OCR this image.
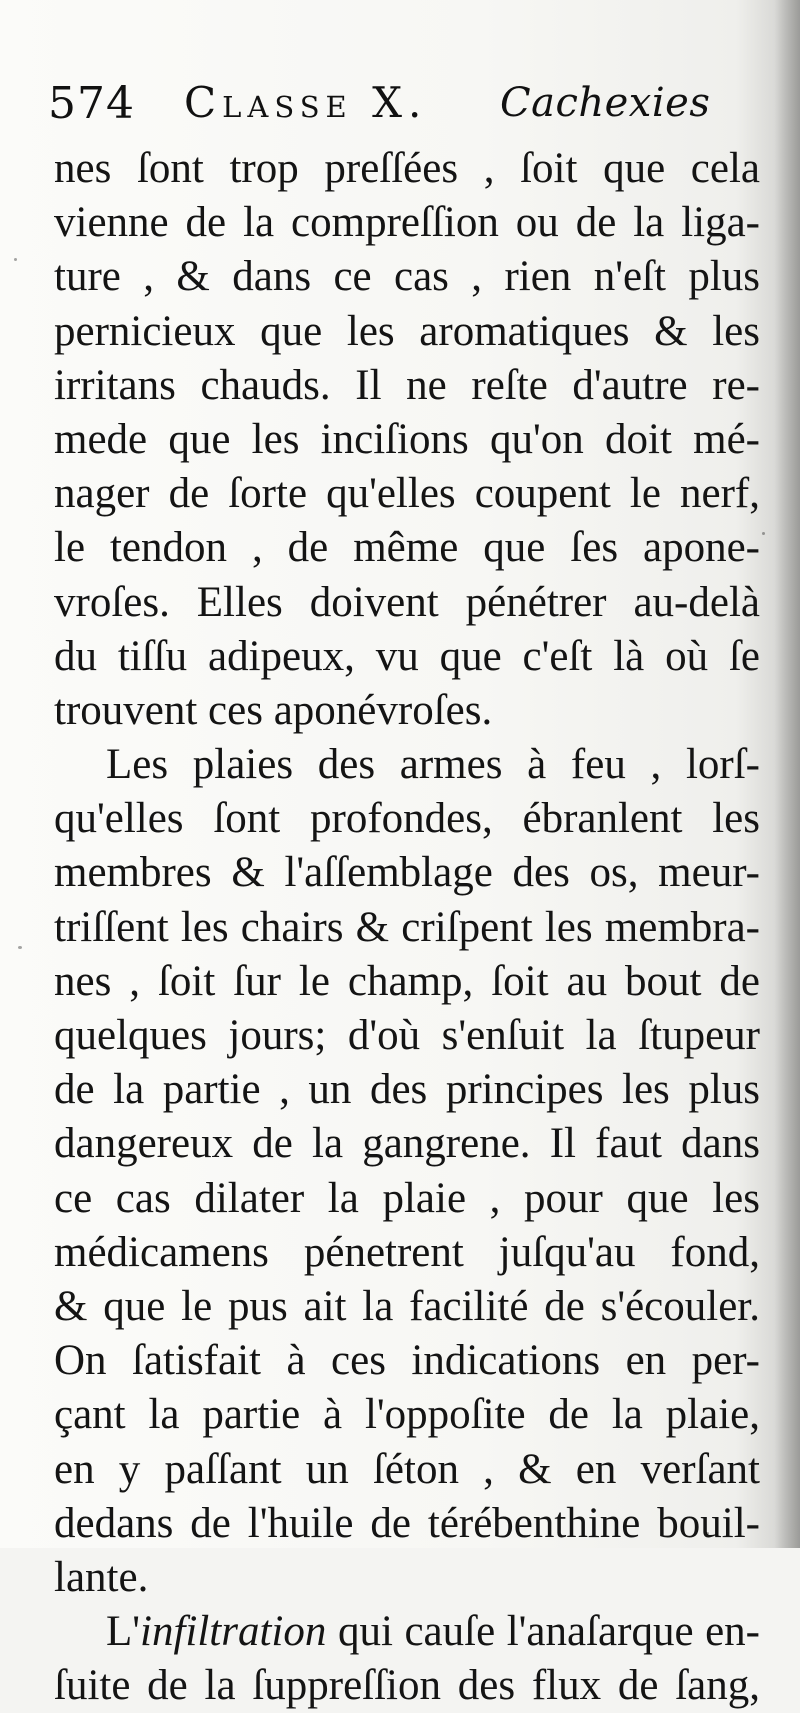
574 Classe X. Cachexies
nes ſont trop preſſées , ſoit que cela
vienne de la compreſſion ou de la liga-
ture , & dans ce cas , rien n'eſt plus
pernicieux que les aromatiques & les
irritans chauds. Il ne reſte d'autre re-
mede que les inciſions qu'on doit mé-
nager de ſorte qu'elles coupent le nerf,
le tendon , de même que ſes apone-
vroſes. Elles doivent pénétrer au-delà
du tiſſu adipeux, vu que c'eſt là où ſe
trouvent ces aponévroſes.
Les plaies des armes à feu , lorſ-
qu'elles ſont profondes, ébranlent les
membres & l'aſſemblage des os, meur-
triſſent les chairs & criſpent les membra-
nes , ſoit ſur le champ, ſoit au bout de
quelques jours; d'où s'enſuit la ſtupeur
de la partie , un des principes les plus
dangereux de la gangrene. Il faut dans
ce cas dilater la plaie , pour que les
médicamens pénetrent juſqu'au fond,
& que le pus ait la facilité de s'écouler.
On ſatisfait à ces indications en per-
çant la partie à l'oppoſite de la plaie,
en y paſſant un ſéton , & en verſant
dedans de l'huile de térébenthine bouil-
lante.
L'infiltration qui cauſe l'anaſarque en-
ſuite de la ſuppreſſion des flux de ſang,
